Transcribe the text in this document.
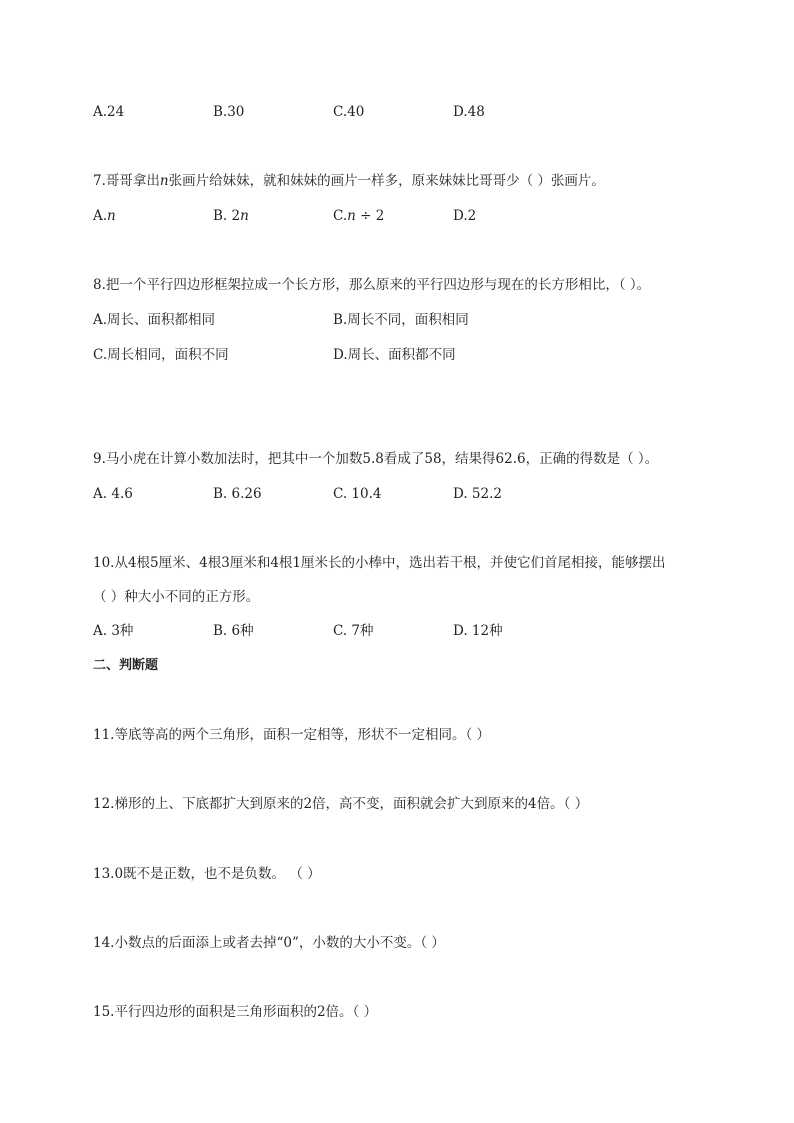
A.24	B.30	C.40	D.48
7.哥哥拿出n张画片给妹妹，就和妹妹的画片一样多，原来妹妹比哥哥少（ ）张画片。
A.n	B. 2n	C.n ÷ 2	D.2
8.把一个平行四边形框架拉成一个长方形，那么原来的平行四边形与现在的长方形相比，（ ）。
A.周长、面积都相同	B.周长不同，面积相同
C.周长相同，面积不同	D.周长、面积都不同
9.马小虎在计算小数加法时，把其中一个加数5.8看成了58，结果得62.6，正确的得数是（ ）。
A. 4.6	B. 6.26	C. 10.4	D. 52.2
10.从4根5厘米、4根3厘米和4根1厘米长的小棒中，选出若干根，并使它们首尾相接，能够摆出
（ ）种大小不同的正方形。
A. 3种	B. 6种	C. 7种	D. 12种
二、判断题
11.等底等高的两个三角形，面积一定相等，形状不一定相同。（ ）
12.梯形的上、下底都扩大到原来的2倍，高不变，面积就会扩大到原来的4倍。（ ）
13.0既不是正数，也不是负数。 （ ）
14.小数点的后面添上或者去掉“0”，小数的大小不变。（ ）
15.平行四边形的面积是三角形面积的2倍。（ ）
